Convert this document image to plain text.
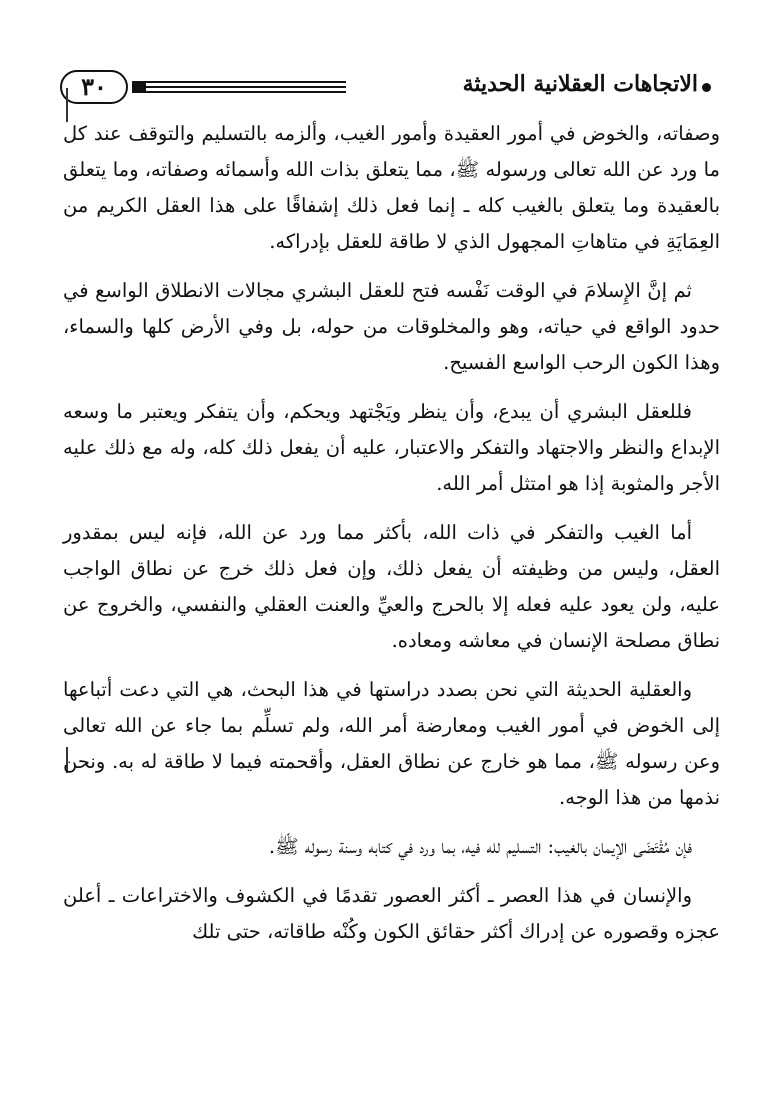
٣٠	الاتجاهات العقلانية الحديثة

وصفاته، والخوض في أمور العقيدة وأمور الغيب، وألزمه بالتسليم والتوقف عند كل ما ورد عن الله تعالى ورسوله ﷺ، مما يتعلق بذات الله وأسمائه وصفاته، وما يتعلق بالعقيدة وما يتعلق بالغيب كله ـ إنما فعل ذلك إشفاقًا على هذا العقل الكريم من العِمَايَةِ في متاهاتِ المجهول الذي لا طاقة للعقل بإدراكه.

ثم إنَّ الإِسلامَ في الوقت نَفْسه فتح للعقل البشري مجالات الانطلاق الواسع في حدود الواقع في حياته، وهو والمخلوقات من حوله، بل وفي الأرض كلها والسماء، وهذا الكون الرحب الواسع الفسيح.

فللعقل البشري أن يبدع، وأن ينظر ويَجْتهد ويحكم، وأن يتفكر ويعتبر ما وسعه الإبداع والنظر والاجتهاد والتفكر والاعتبار، عليه أن يفعل ذلك كله، وله مع ذلك عليه الأجر والمثوبة إذا هو امتثل أمر الله.

أما الغيب والتفكر في ذات الله، بأكثر مما ورد عن الله، فإنه ليس بمقدور العقل، وليس من وظيفته أن يفعل ذلك، وإن فعل ذلك خرج عن نطاق الواجب عليه، ولن يعود عليه فعله إلا بالحرج والعيِّ والعنت العقلي والنفسي، والخروج عن نطاق مصلحة الإنسان في معاشه ومعاده.

والعقلية الحديثة التي نحن بصدد دراستها في هذا البحث، هي التي دعت أتباعها إلى الخوض في أمور الغيب ومعارضة أمر الله، ولم تسلِّم بما جاء عن الله تعالى وعن رسوله ﷺ، مما هو خارج عن نطاق العقل، وأقحمته فيما لا طاقة له به. ونحن نذمها من هذا الوجه.

فإن مُقْتَضَى الإيمان بالغيب: التسليم لله فيه، بما ورد في كتابه وسنة رسوله ﷺ.

والإنسان في هذا العصر ـ أكثر العصور تقدمًا في الكشوف والاختراعات ـ أعلن عجزه وقصوره عن إدراك أكثر حقائق الكون وكُنْه طاقاته، حتى تلك
